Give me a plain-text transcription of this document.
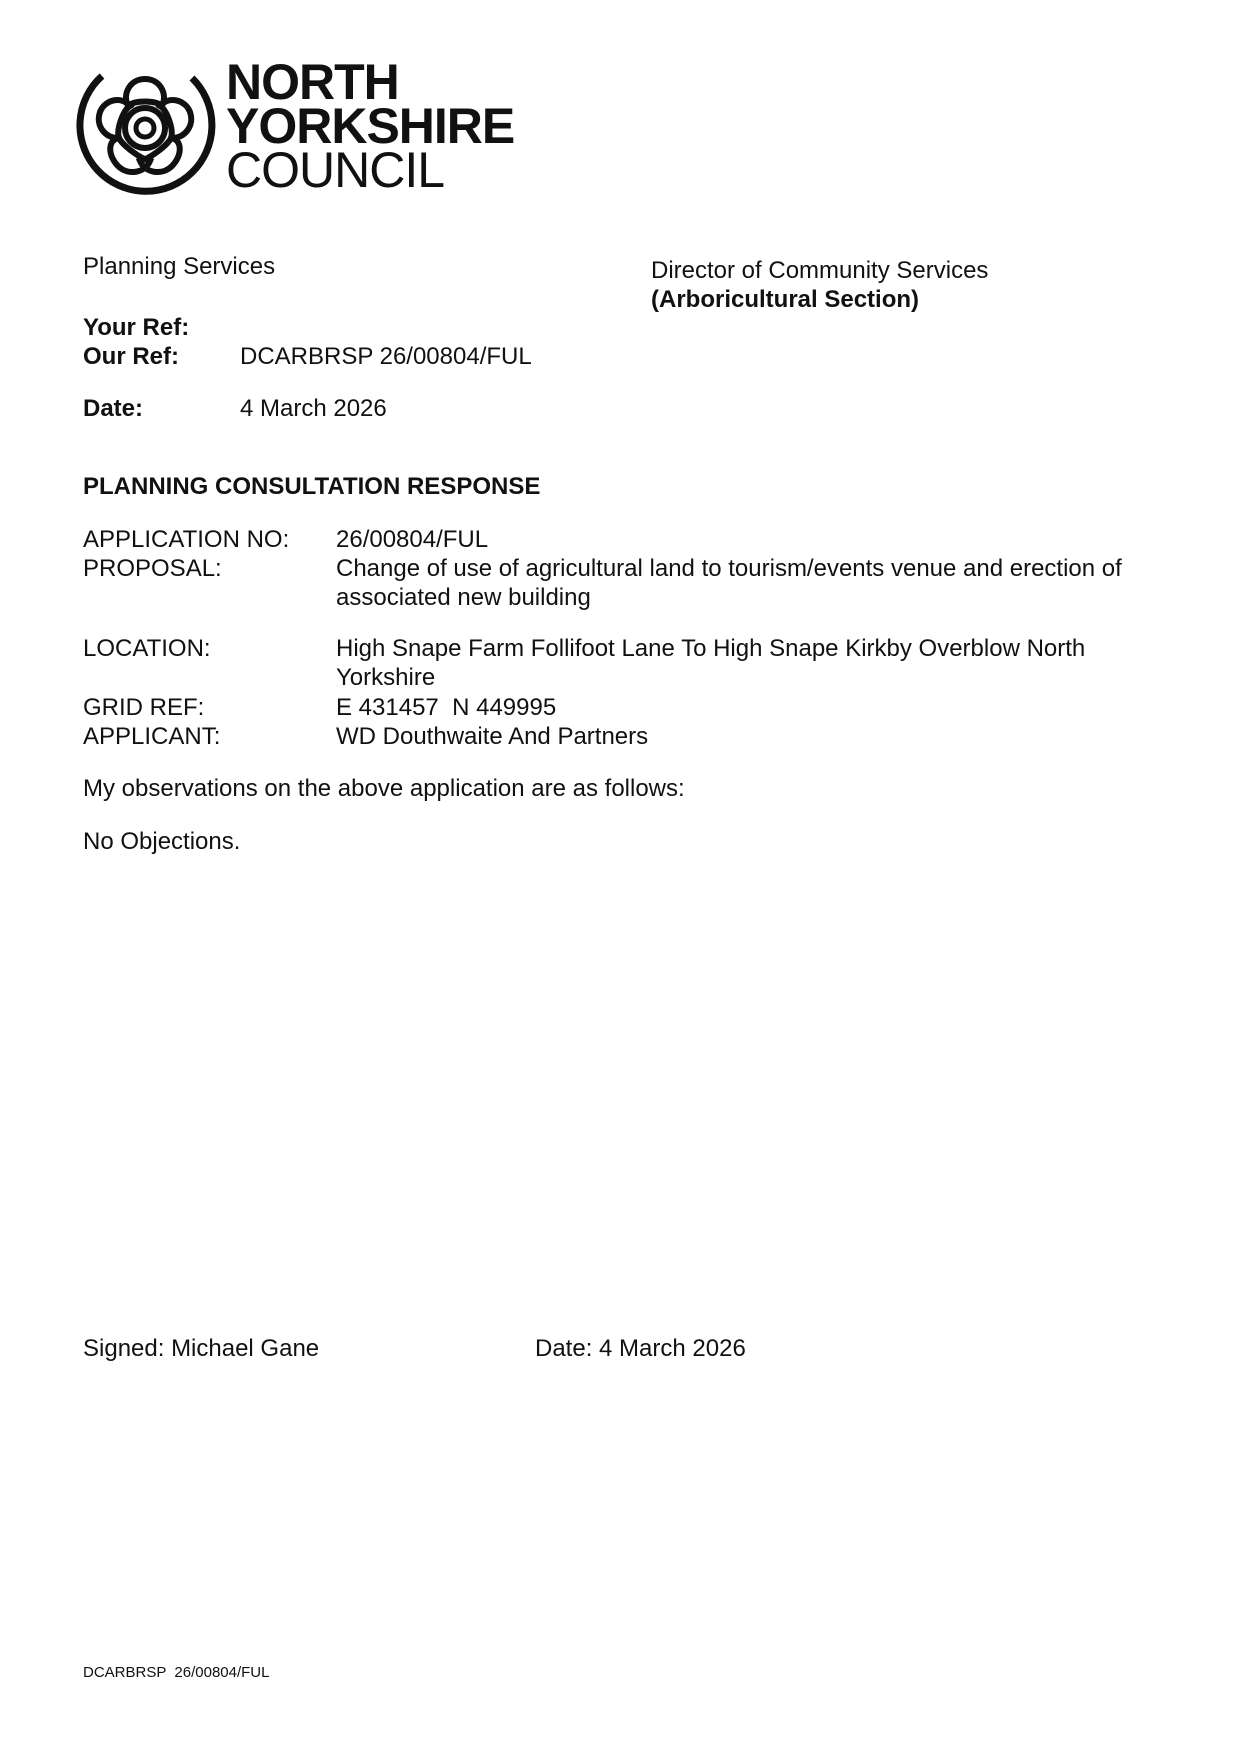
NORTH
YORKSHIRE
COUNCIL
Planning Services	Director of Community Services
(Arboricultural Section)
Your Ref:
Our Ref:	DCARBRSP 26/00804/FUL
Date:	4 March 2026
PLANNING CONSULTATION RESPONSE
APPLICATION NO: 26/00804/FUL
PROPOSAL:	Change of use of agricultural land to tourism/events venue and erection of associated new building
LOCATION:	High Snape Farm Follifoot Lane To High Snape Kirkby Overblow North Yorkshire
GRID REF:	E 431457  N 449995
APPLICANT:	WD Douthwaite And Partners
My observations on the above application are as follows:
No Objections.
Signed: Michael Gane	Date: 4 March 2026
DCARBRSP  26/00804/FUL
